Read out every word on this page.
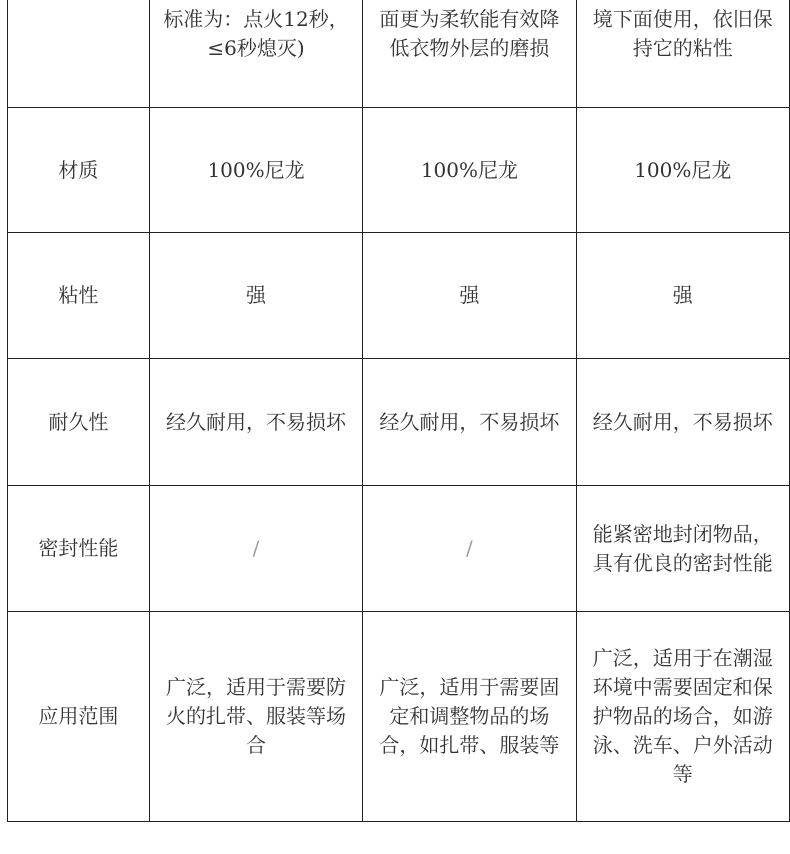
	标准为：点火12秒，≤6秒熄灭)	面更为柔软能有效降低衣物外层的磨损	境下面使用，依旧保持它的粘性
材质	100%尼龙	100%尼龙	100%尼龙
粘性	强	强	强
耐久性	经久耐用，不易损坏	经久耐用，不易损坏	经久耐用，不易损坏
密封性能	/	/	能紧密地封闭物品，具有优良的密封性能
应用范围	广泛，适用于需要防火的扎带、服装等场合	广泛，适用于需要固定和调整物品的场合，如扎带、服装等	广泛，适用于在潮湿环境中需要固定和保护物品的场合，如游泳、洗车、户外活动等
